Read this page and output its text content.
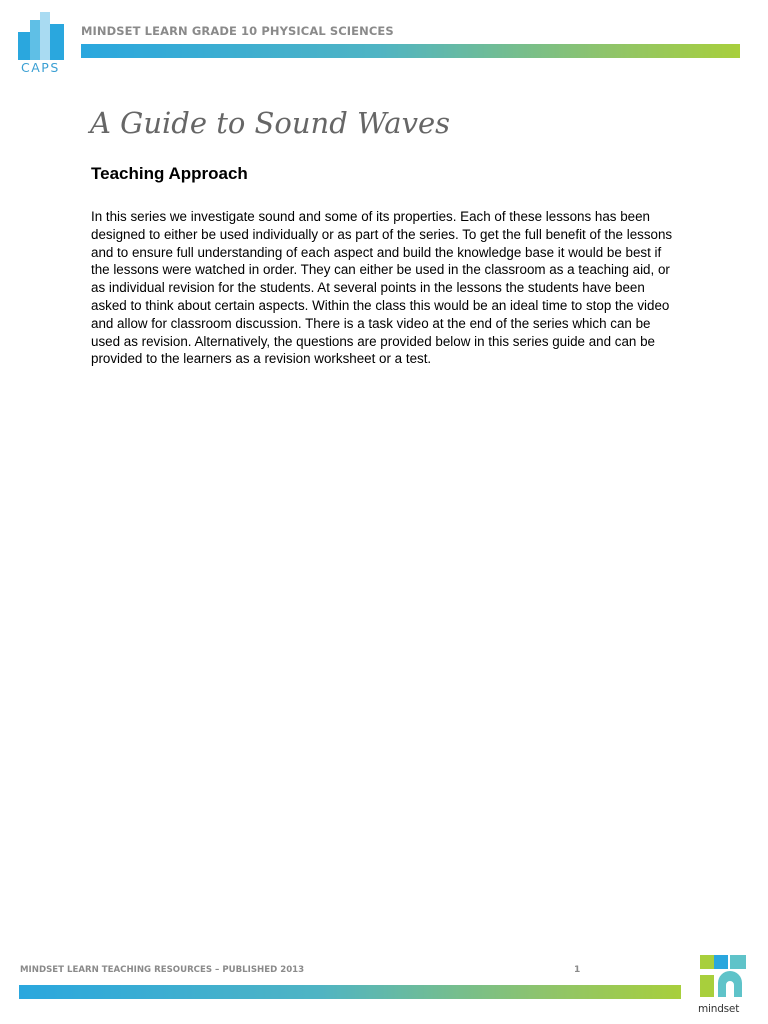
CAPS
MINDSET LEARN GRADE 10 PHYSICAL SCIENCES
A Guide to Sound Waves
Teaching Approach

In this series we investigate sound and some of its properties. Each of these lessons has been designed to either be used individually or as part of the series. To get the full benefit of the lessons and to ensure full understanding of each aspect and build the knowledge base it would be best if the lessons were watched in order. They can either be used in the classroom as a teaching aid, or as individual revision for the students. At several points in the lessons the students have been asked to think about certain aspects. Within the class this would be an ideal time to stop the video and allow for classroom discussion. There is a task video at the end of the series which can be used as revision. Alternatively, the questions are provided below in this series guide and can be provided to the learners as a revision worksheet or a test.

MINDSET LEARN TEACHING RESOURCES – PUBLISHED 2013	1
mindset
